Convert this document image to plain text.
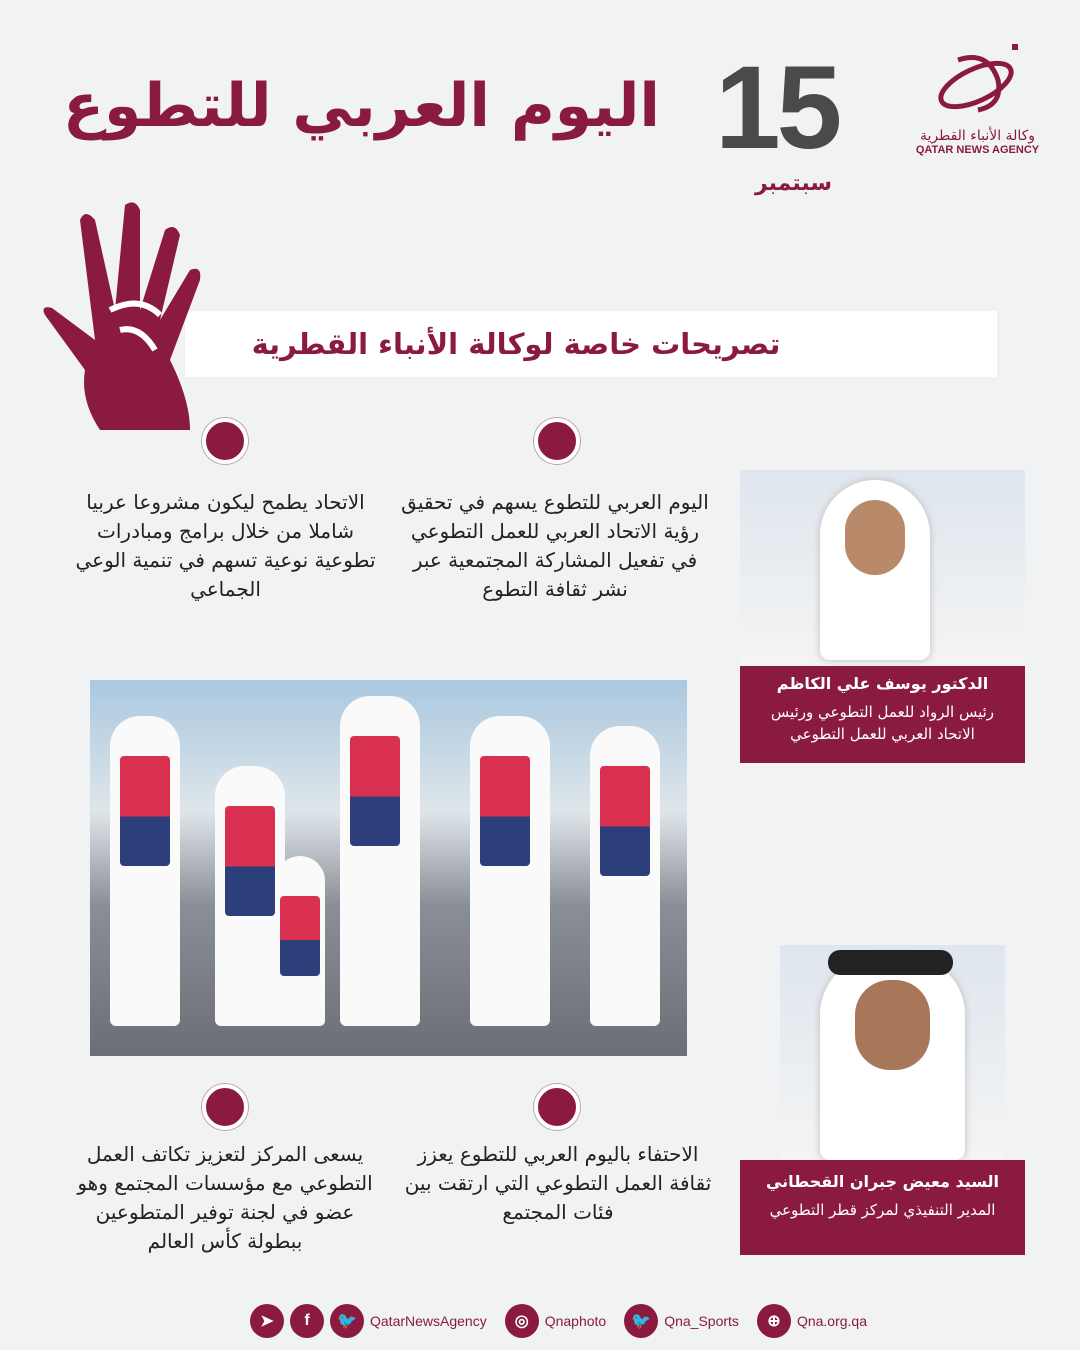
وكالة الأنباء القطرية
QATAR NEWS AGENCY
15
سبتمبر
اليوم العربي للتطوع
تصريحات خاصة لوكالة الأنباء القطرية
اليوم العربي للتطوع يسهم في تحقيق رؤية الاتحاد العربي للعمل التطوعي في تفعيل المشاركة المجتمعية عبر نشر ثقافة التطوع
الاتحاد يطمح ليكون مشروعا عربيا شاملا من خلال برامج ومبادرات تطوعية نوعية تسهم في تنمية الوعي الجماعي
الدكتور يوسف علي الكاظم
رئيس الرواد للعمل التطوعي ورئيس الاتحاد العربي للعمل التطوعي
السيد معيض جبران القحطاني
المدير التنفيذي لمركز قطر التطوعي
الاحتفاء باليوم العربي للتطوع يعزز ثقافة العمل التطوعي التي ارتقت بين فئات المجتمع
يسعى المركز لتعزيز تكاتف العمل التطوعي مع مؤسسات المجتمع وهو عضو في لجنة توفير المتطوعين ببطولة كأس العالم
➤	f	🐦 QatarNewsAgency	◎	Qnaphoto	🐦 Qna_Sports	⊕	Qna.org.qa
